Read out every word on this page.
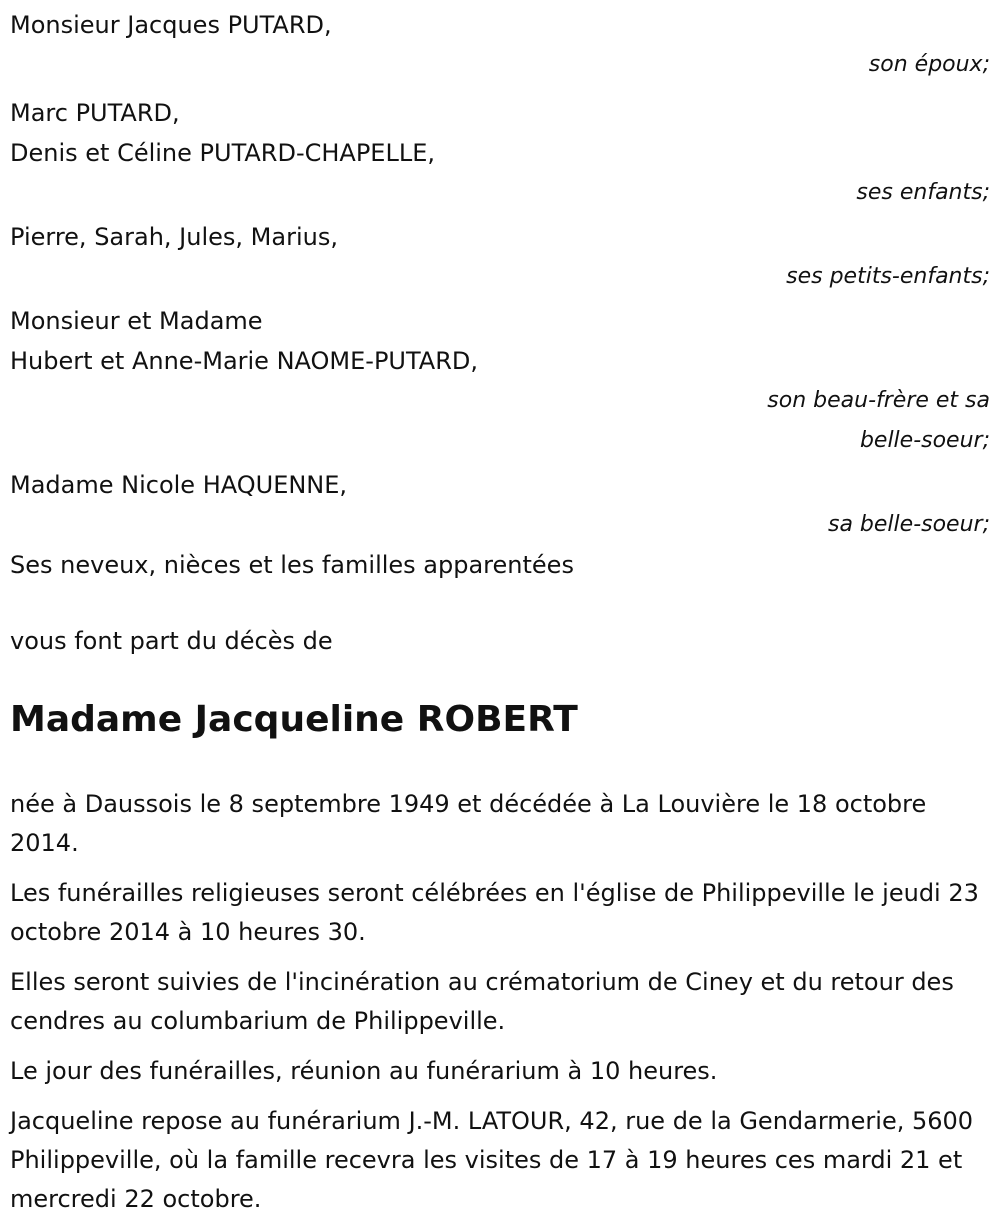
Monsieur Jacques PUTARD,
son époux;
Marc PUTARD,
Denis et Céline PUTARD-CHAPELLE,
ses enfants;
Pierre, Sarah, Jules, Marius,
ses petits-enfants;
Monsieur et Madame
Hubert et Anne-Marie NAOME-PUTARD,
son beau-frère et sa
belle-soeur;
Madame Nicole HAQUENNE,
sa belle-soeur;
Ses neveux, nièces et les familles apparentées
vous font part du décès de
Madame Jacqueline ROBERT
née à Daussois le 8 septembre 1949 et décédée à La Louvière le 18 octobre 2014.
Les funérailles religieuses seront célébrées en l'église de Philippeville le jeudi 23 octobre 2014 à 10 heures 30.
Elles seront suivies de l'incinération au crématorium de Ciney et du retour des cendres au columbarium de Philippeville.
Le jour des funérailles, réunion au funérarium à 10 heures.
Jacqueline repose au funérarium J.-M. LATOUR, 42, rue de la Gendarmerie, 5600 Philippeville, où la famille recevra les visites de 17 à 19 heures ces mardi 21 et mercredi 22 octobre.
